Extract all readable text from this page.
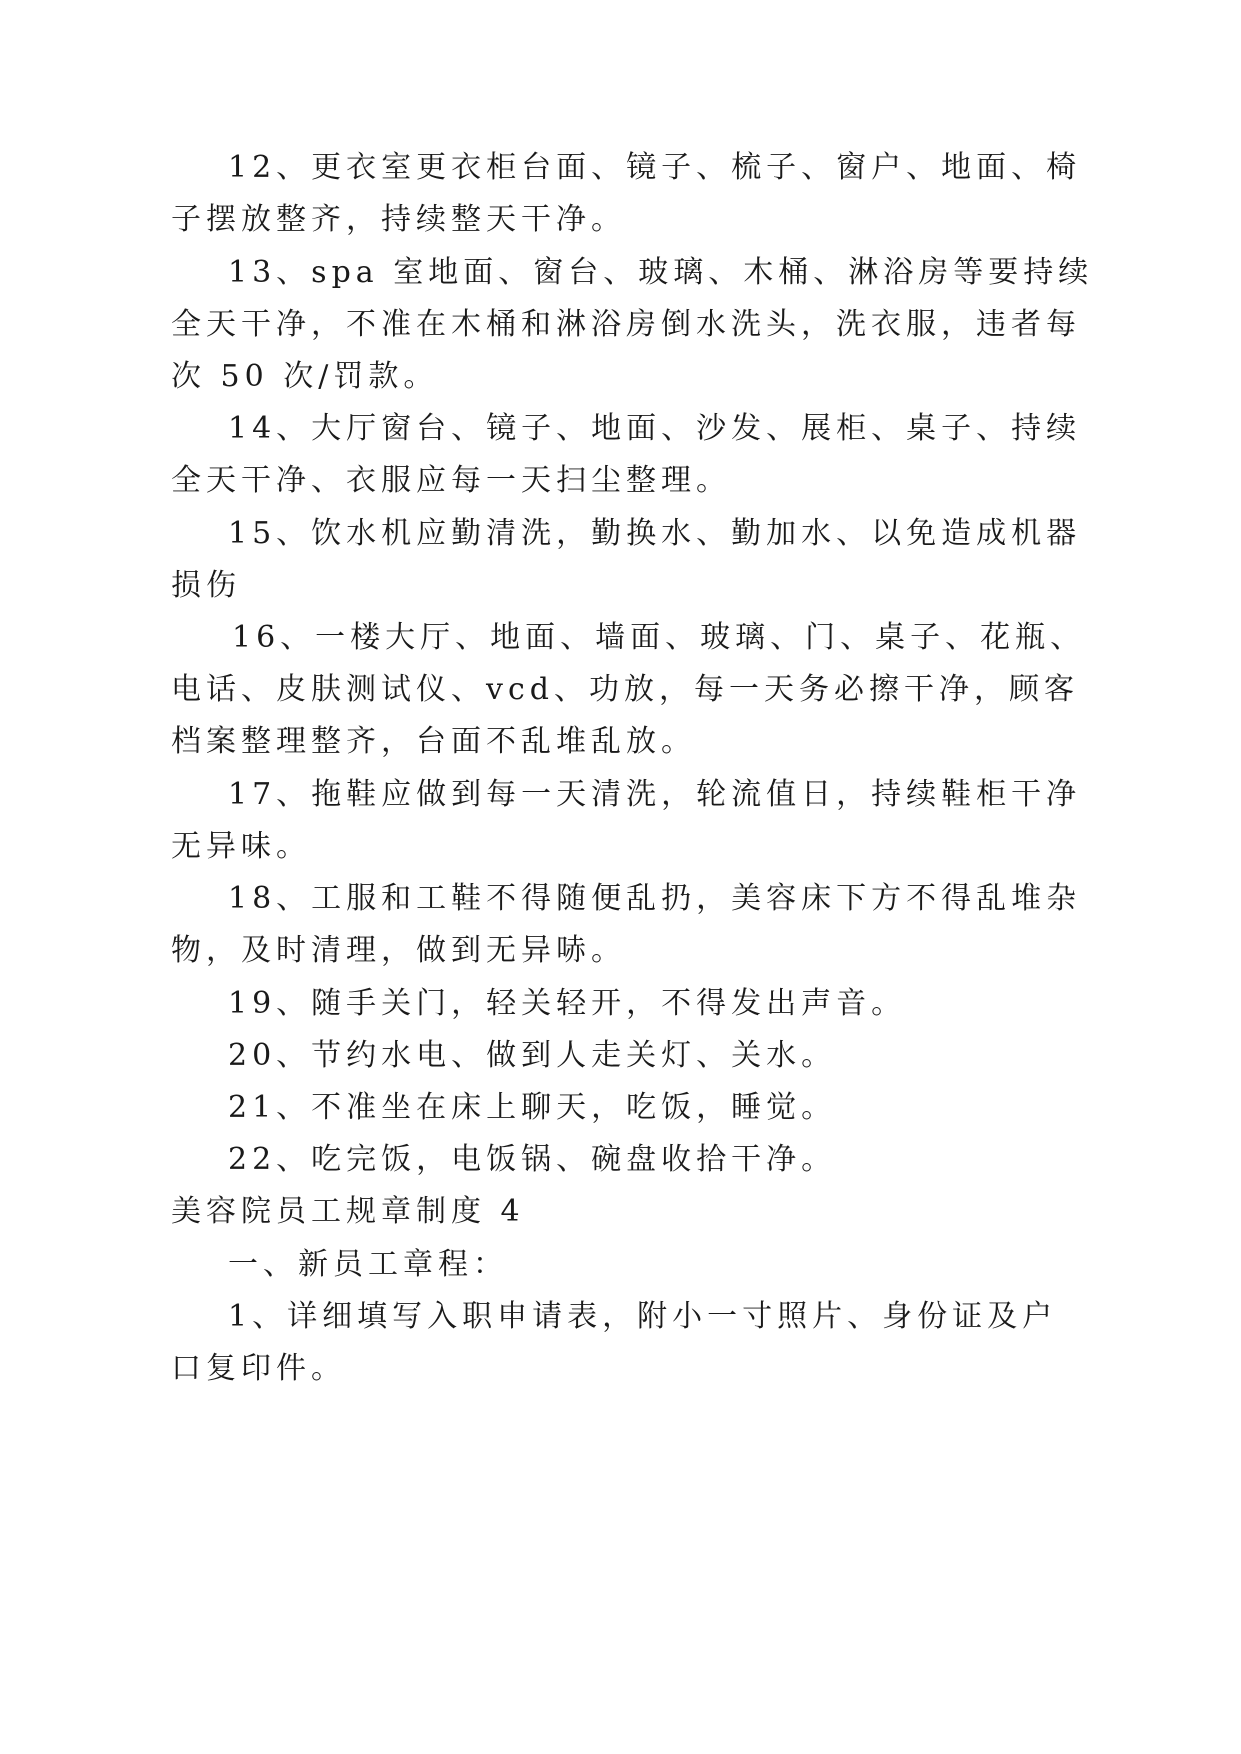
12、更衣室更衣柜台面、镜子、梳子、窗户、地面、椅
子摆放整齐，持续整天干净。
13、spa 室地面、窗台、玻璃、木桶、淋浴房等要持续
全天干净，不准在木桶和淋浴房倒水洗头，洗衣服，违者每
次 50 次/罚款。
14、大厅窗台、镜子、地面、沙发、展柜、桌子、持续
全天干净、衣服应每一天扫尘整理。
15、饮水机应勤清洗，勤换水、勤加水、以免造成机器
损伤
16、一楼大厅、地面、墙面、玻璃、门、桌子、花瓶、
电话、皮肤测试仪、vcd、功放，每一天务必擦干净，顾客
档案整理整齐，台面不乱堆乱放。
17、拖鞋应做到每一天清洗，轮流值日，持续鞋柜干净
无异味。
18、工服和工鞋不得随便乱扔，美容床下方不得乱堆杂
物，及时清理，做到无异哧。
19、随手关门，轻关轻开，不得发出声音。
20、节约水电、做到人走关灯、关水。
21、不准坐在床上聊天，吃饭，睡觉。
22、吃完饭，电饭锅、碗盘收拾干净。
美容院员工规章制度 4
一、新员工章程：
1、详细填写入职申请表，附小一寸照片、身份证及户
口复印件。
